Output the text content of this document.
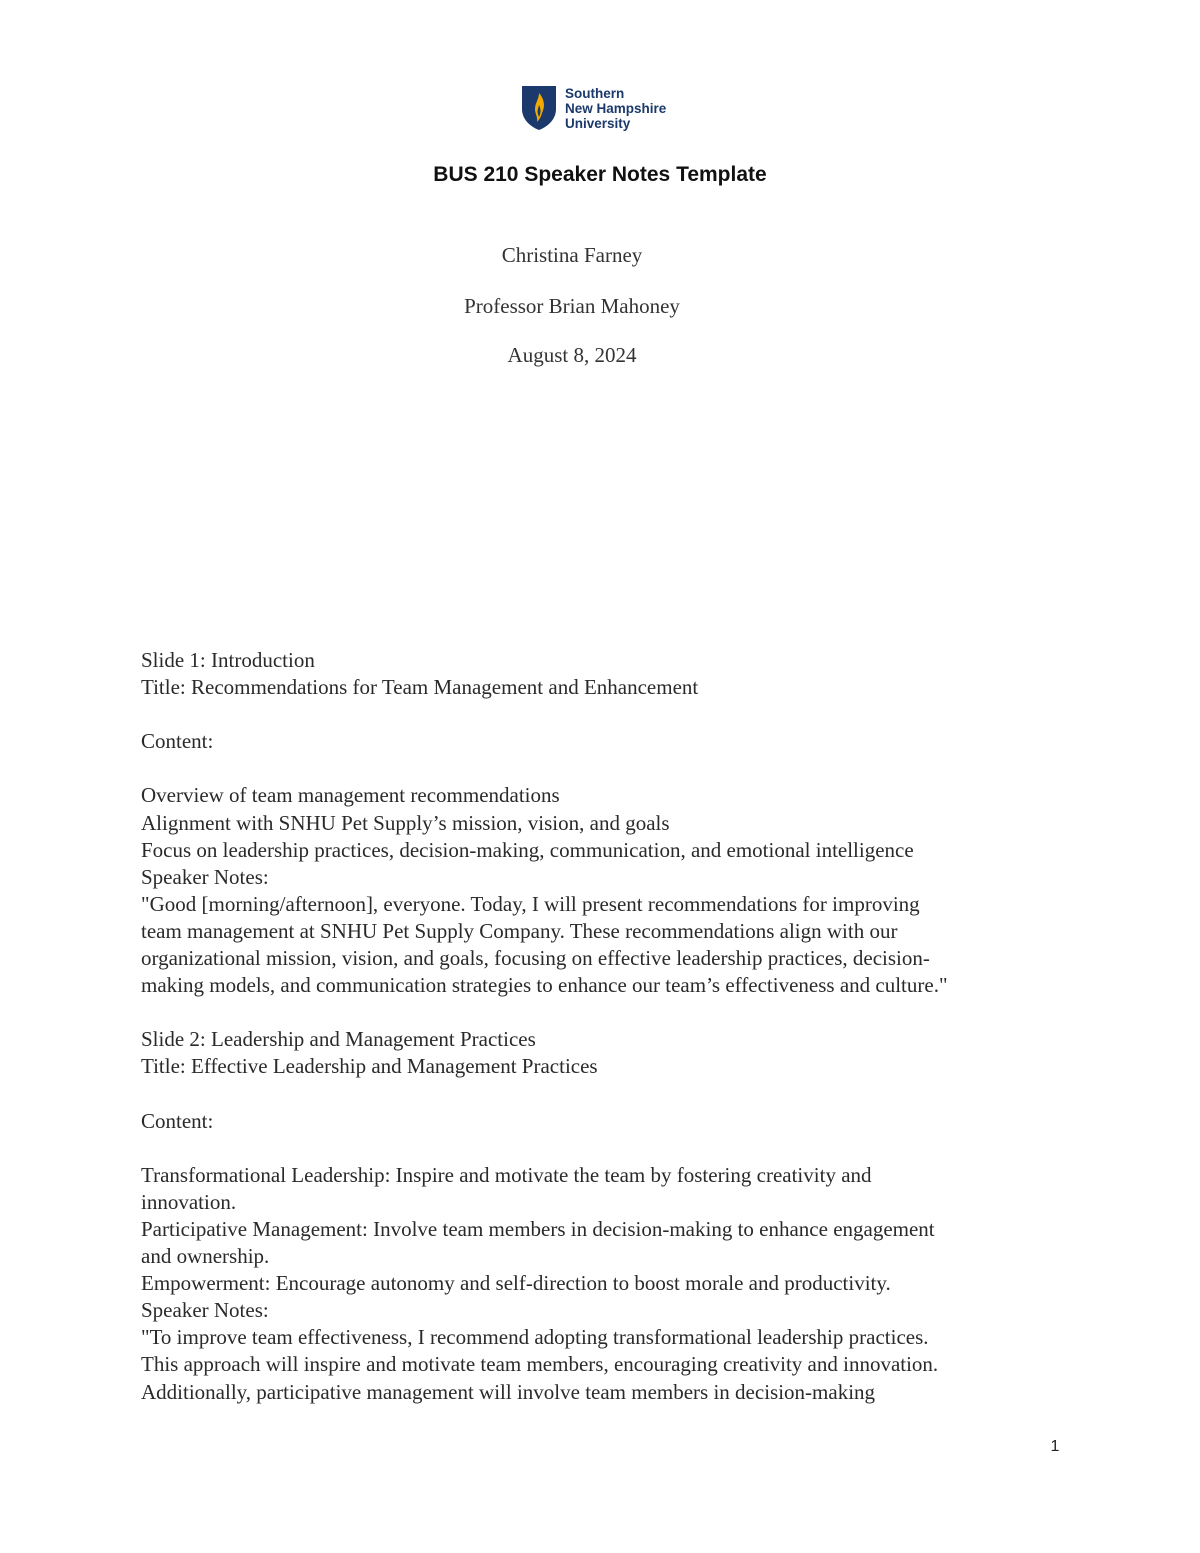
Southern
New Hampshire
University
BUS 210 Speaker Notes Template
Christina Farney
Professor Brian Mahoney
August 8, 2024
Slide 1: Introduction
Title: Recommendations for Team Management and Enhancement
Content:
Overview of team management recommendations
Alignment with SNHU Pet Supply’s mission, vision, and goals
Focus on leadership practices, decision-making, communication, and emotional intelligence
Speaker Notes:
"Good [morning/afternoon], everyone. Today, I will present recommendations for improving
team management at SNHU Pet Supply Company. These recommendations align with our
organizational mission, vision, and goals, focusing on effective leadership practices, decision-
making models, and communication strategies to enhance our team’s effectiveness and culture."
Slide 2: Leadership and Management Practices
Title: Effective Leadership and Management Practices
Content:
Transformational Leadership: Inspire and motivate the team by fostering creativity and
innovation.
Participative Management: Involve team members in decision-making to enhance engagement
and ownership.
Empowerment: Encourage autonomy and self-direction to boost morale and productivity.
Speaker Notes:
"To improve team effectiveness, I recommend adopting transformational leadership practices.
This approach will inspire and motivate team members, encouraging creativity and innovation.
Additionally, participative management will involve team members in decision-making
1
